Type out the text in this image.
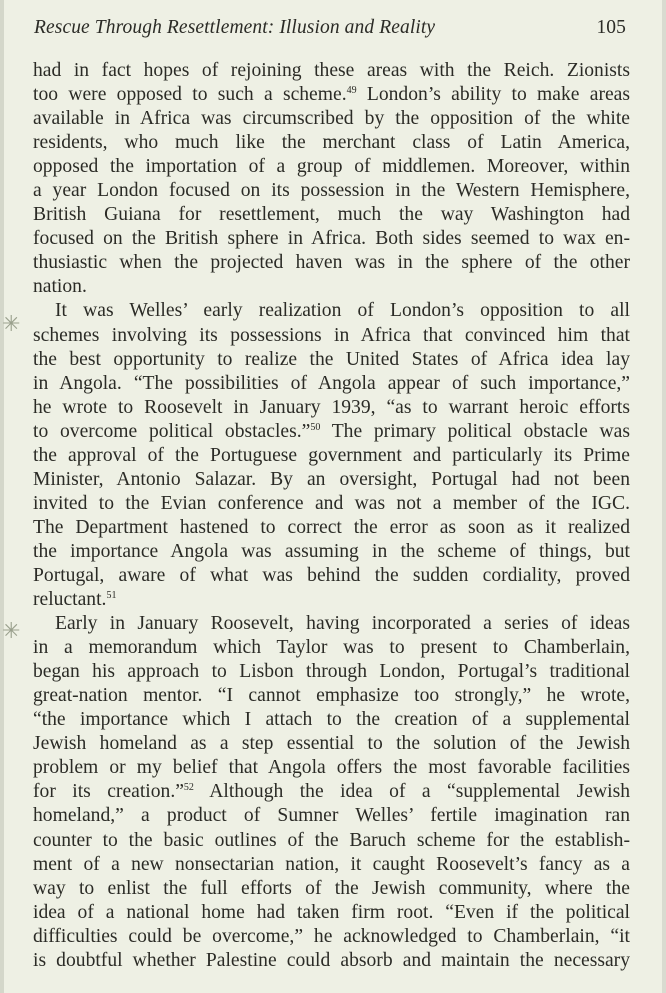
Rescue Through Resettlement: Illusion and Reality	105
✳
✳
had in fact hopes of rejoining these areas with the Reich. Zionists
too were opposed to such a scheme.$^{49}$ London’s ability to make areas
available in Africa was circumscribed by the opposition of the white
residents, who much like the merchant class of Latin America,
opposed the importation of a group of middlemen. Moreover, within
a year London focused on its possession in the Western Hemisphere,
British Guiana for resettlement, much the way Washington had
focused on the British sphere in Africa. Both sides seemed to wax en-
thusiastic when the projected haven was in the sphere of the other
nation.
It was Welles’ early realization of London’s opposition to all
schemes involving its possessions in Africa that convinced him that
the best opportunity to realize the United States of Africa idea lay
in Angola. “The possibilities of Angola appear of such importance,”
he wrote to Roosevelt in January 1939, “as to warrant heroic efforts
to overcome political obstacles.”$^{50}$ The primary political obstacle was
the approval of the Portuguese government and particularly its Prime
Minister, Antonio Salazar. By an oversight, Portugal had not been
invited to the Evian conference and was not a member of the IGC.
The Department hastened to correct the error as soon as it realized
the importance Angola was assuming in the scheme of things, but
Portugal, aware of what was behind the sudden cordiality, proved
reluctant.$^{51}$
Early in January Roosevelt, having incorporated a series of ideas
in a memorandum which Taylor was to present to Chamberlain,
began his approach to Lisbon through London, Portugal’s traditional
great-nation mentor. “I cannot emphasize too strongly,” he wrote,
“the importance which I attach to the creation of a supplemental
Jewish homeland as a step essential to the solution of the Jewish
problem or my belief that Angola offers the most favorable facilities
for its creation.”$^{52}$ Although the idea of a “supplemental Jewish
homeland,” a product of Sumner Welles’ fertile imagination ran
counter to the basic outlines of the Baruch scheme for the establish-
ment of a new nonsectarian nation, it caught Roosevelt’s fancy as a
way to enlist the full efforts of the Jewish community, where the
idea of a national home had taken firm root. “Even if the political
difficulties could be overcome,” he acknowledged to Chamberlain, “it
is doubtful whether Palestine could absorb and maintain the necessary
